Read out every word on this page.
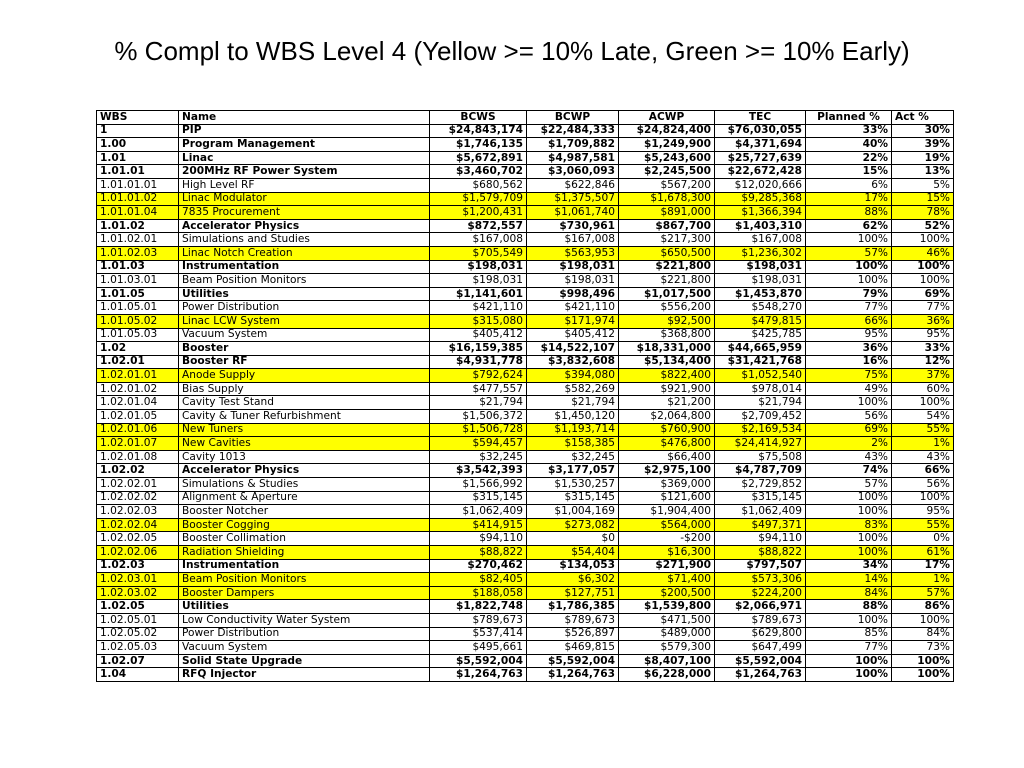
% Compl to WBS Level 4 (Yellow >= 10% Late, Green >= 10% Early)
WBS	Name	BCWS	BCWP	ACWP	TEC	Planned %	Act %
1	PIP	$24,843,174	$22,484,333	$24,824,400	$76,030,055	33%	30%
1.00	Program Management	$1,746,135	$1,709,882	$1,249,900	$4,371,694	40%	39%
1.01	Linac	$5,672,891	$4,987,581	$5,243,600	$25,727,639	22%	19%
1.01.01	200MHz RF Power System	$3,460,702	$3,060,093	$2,245,500	$22,672,428	15%	13%
1.01.01.01	High Level RF	$680,562	$622,846	$567,200	$12,020,666	6%	5%
1.01.01.02	Linac Modulator	$1,579,709	$1,375,507	$1,678,300	$9,285,368	17%	15%
1.01.01.04	7835 Procurement	$1,200,431	$1,061,740	$891,000	$1,366,394	88%	78%
1.01.02	Accelerator Physics	$872,557	$730,961	$867,700	$1,403,310	62%	52%
1.01.02.01	Simulations and Studies	$167,008	$167,008	$217,300	$167,008	100%	100%
1.01.02.03	Linac Notch Creation	$705,549	$563,953	$650,500	$1,236,302	57%	46%
1.01.03	Instrumentation	$198,031	$198,031	$221,800	$198,031	100%	100%
1.01.03.01	Beam Position Monitors	$198,031	$198,031	$221,800	$198,031	100%	100%
1.01.05	Utilities	$1,141,601	$998,496	$1,017,500	$1,453,870	79%	69%
1.01.05.01	Power Distribution	$421,110	$421,110	$556,200	$548,270	77%	77%
1.01.05.02	Linac LCW System	$315,080	$171,974	$92,500	$479,815	66%	36%
1.01.05.03	Vacuum System	$405,412	$405,412	$368,800	$425,785	95%	95%
1.02	Booster	$16,159,385	$14,522,107	$18,331,000	$44,665,959	36%	33%
1.02.01	Booster RF	$4,931,778	$3,832,608	$5,134,400	$31,421,768	16%	12%
1.02.01.01	Anode Supply	$792,624	$394,080	$822,400	$1,052,540	75%	37%
1.02.01.02	Bias Supply	$477,557	$582,269	$921,900	$978,014	49%	60%
1.02.01.04	Cavity Test Stand	$21,794	$21,794	$21,200	$21,794	100%	100%
1.02.01.05	Cavity & Tuner Refurbishment	$1,506,372	$1,450,120	$2,064,800	$2,709,452	56%	54%
1.02.01.06	New Tuners	$1,506,728	$1,193,714	$760,900	$2,169,534	69%	55%
1.02.01.07	New Cavities	$594,457	$158,385	$476,800	$24,414,927	2%	1%
1.02.01.08	Cavity 1013	$32,245	$32,245	$66,400	$75,508	43%	43%
1.02.02	Accelerator Physics	$3,542,393	$3,177,057	$2,975,100	$4,787,709	74%	66%
1.02.02.01	Simulations & Studies	$1,566,992	$1,530,257	$369,000	$2,729,852	57%	56%
1.02.02.02	Alignment & Aperture	$315,145	$315,145	$121,600	$315,145	100%	100%
1.02.02.03	Booster Notcher	$1,062,409	$1,004,169	$1,904,400	$1,062,409	100%	95%
1.02.02.04	Booster Cogging	$414,915	$273,082	$564,000	$497,371	83%	55%
1.02.02.05	Booster Collimation	$94,110	$0	-$200	$94,110	100%	0%
1.02.02.06	Radiation Shielding	$88,822	$54,404	$16,300	$88,822	100%	61%
1.02.03	Instrumentation	$270,462	$134,053	$271,900	$797,507	34%	17%
1.02.03.01	Beam Position Monitors	$82,405	$6,302	$71,400	$573,306	14%	1%
1.02.03.02	Booster Dampers	$188,058	$127,751	$200,500	$224,200	84%	57%
1.02.05	Utilities	$1,822,748	$1,786,385	$1,539,800	$2,066,971	88%	86%
1.02.05.01	Low Conductivity Water System	$789,673	$789,673	$471,500	$789,673	100%	100%
1.02.05.02	Power Distribution	$537,414	$526,897	$489,000	$629,800	85%	84%
1.02.05.03	Vacuum System	$495,661	$469,815	$579,300	$647,499	77%	73%
1.02.07	Solid State Upgrade	$5,592,004	$5,592,004	$8,407,100	$5,592,004	100%	100%
1.04	RFQ Injector	$1,264,763	$1,264,763	$6,228,000	$1,264,763	100%	100%
